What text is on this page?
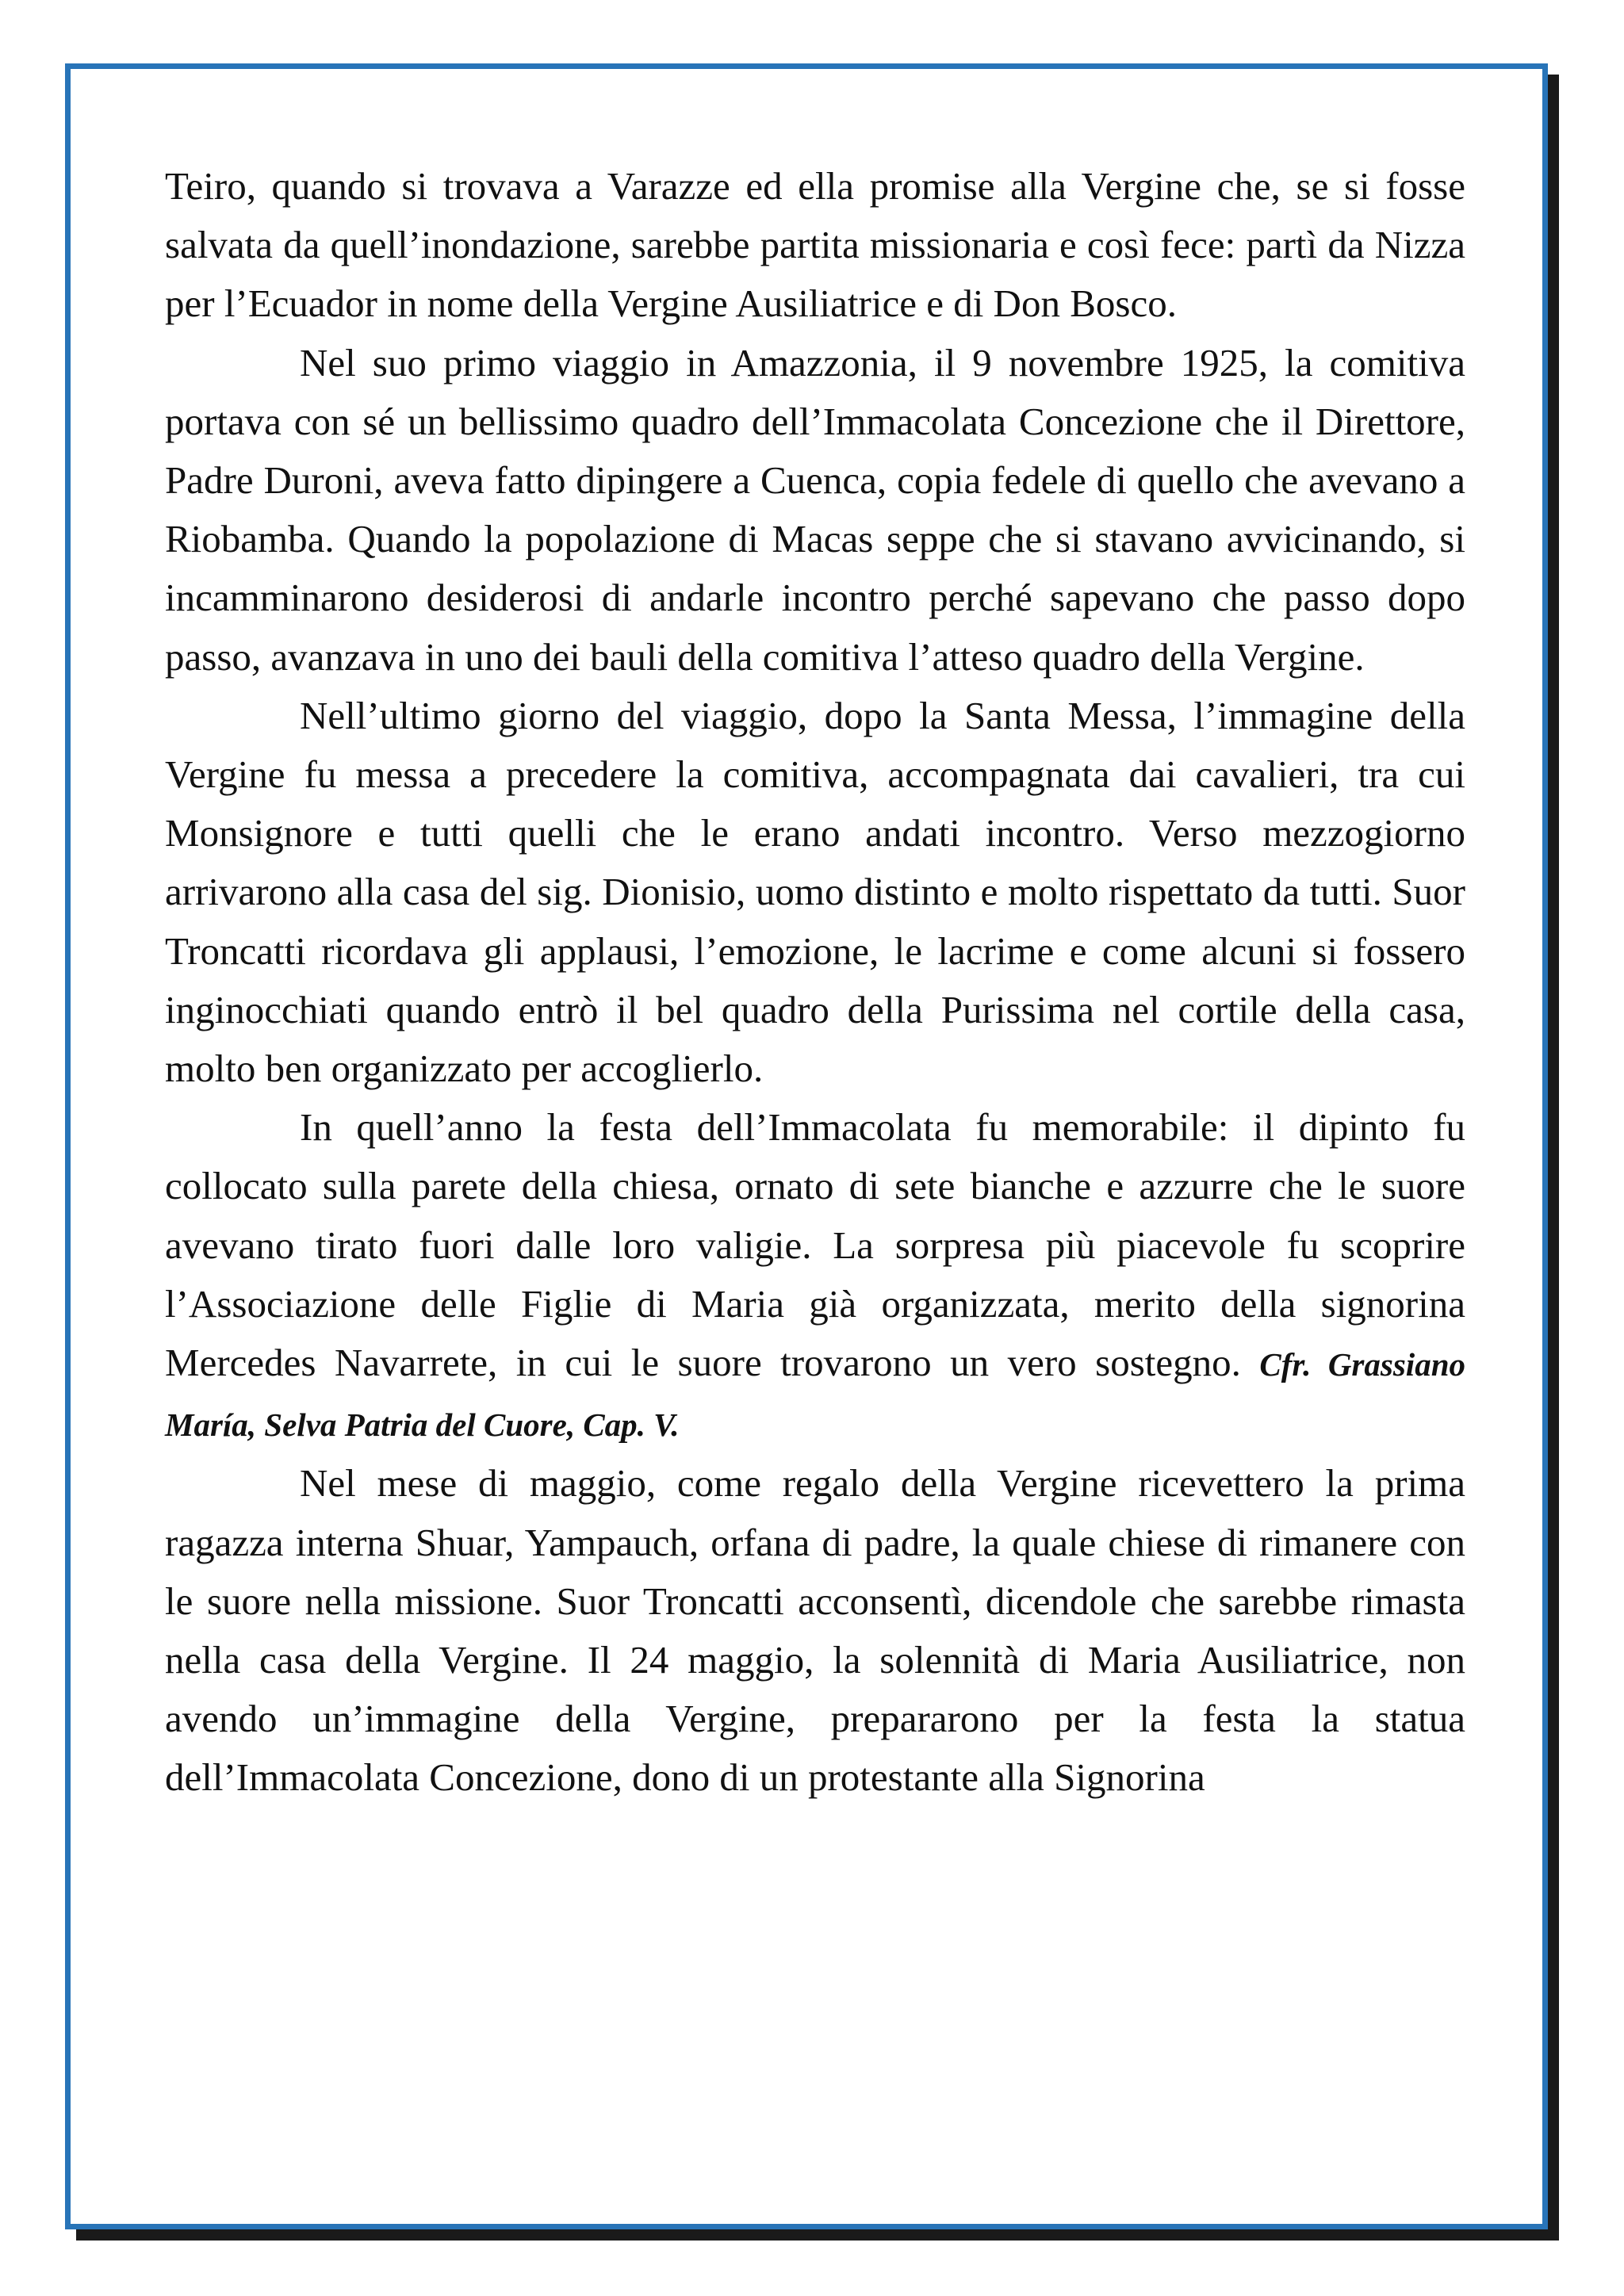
Teiro, quando si trovava a Varazze ed ella promise alla Vergine che, se si fosse salvata da quell’inondazione, sarebbe partita missionaria e così fece: partì da Nizza per l’Ecuador in nome della Vergine Ausiliatrice e di Don Bosco.

Nel suo primo viaggio in Amazzonia, il 9 novembre 1925, la comitiva portava con sé un bellissimo quadro dell’Immacolata Concezione che il Direttore, Padre Duroni, aveva fatto dipingere a Cuenca, copia fedele di quello che avevano a Riobamba. Quando la popolazione di Macas seppe che si stavano avvicinando, si incamminarono desiderosi di andarle incontro perché sapevano che passo dopo passo, avanzava in uno dei bauli della comitiva l’atteso quadro della Vergine.

Nell’ultimo giorno del viaggio, dopo la Santa Messa, l’immagine della Vergine fu messa a precedere la comitiva, accompagnata dai cavalieri, tra cui Monsignore e tutti quelli che le erano andati incontro. Verso mezzogiorno arrivarono alla casa del sig. Dionisio, uomo distinto e molto rispettato da tutti. Suor Troncatti ricordava gli applausi, l’emozione, le lacrime e come alcuni si fossero inginocchiati quando entrò il bel quadro della Purissima nel cortile della casa, molto ben organizzato per accoglierlo.

In quell’anno la festa dell’Immacolata fu memorabile: il dipinto fu collocato sulla parete della chiesa, ornato di sete bianche e azzurre che le suore avevano tirato fuori dalle loro valigie. La sorpresa più piacevole fu scoprire l’Associazione delle Figlie di Maria già organizzata, merito della signorina Mercedes Navarrete, in cui le suore trovarono un vero sostegno. Cfr. Grassiano María, Selva Patria del Cuore, Cap. V.

Nel mese di maggio, come regalo della Vergine ricevettero la prima ragazza interna Shuar, Yampauch, orfana di padre, la quale chiese di rimanere con le suore nella missione. Suor Troncatti acconsentì, dicendole che sarebbe rimasta nella casa della Vergine. Il 24 maggio, la solennità di Maria Ausiliatrice, non avendo un’immagine della Vergine, prepararono per la festa la statua dell’Immacolata Concezione, dono di un protestante alla Signorina
